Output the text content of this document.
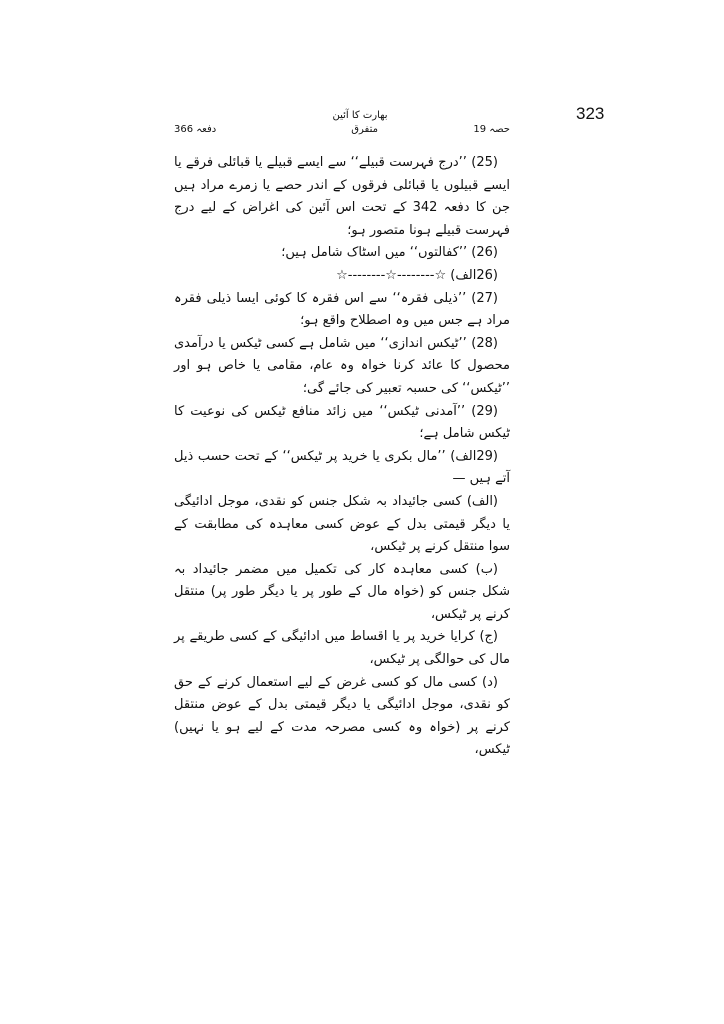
323
بھارت کا آئین
حصہ 19
متفرق
دفعہ 366

(25) ’’درج فہرست قبیلے‘‘ سے ایسے قبیلے یا قبائلی فرقے یا ایسے قبیلوں یا قبائلی فرقوں کے اندر حصے یا زمرے مراد ہیں جن کا دفعہ 342 کے تحت اس آئین کی اغراض کے لیے درج فہرست قبیلے ہونا متصور ہو؛

(26) ’’کفالتوں‘‘ میں اسٹاک شامل ہیں؛

(26الف) ☆--------☆--------☆

(27) ’’ذیلی فقرہ‘‘ سے اس فقرہ کا کوئی ایسا ذیلی فقرہ مراد ہے جس میں وہ اصطلاح واقع ہو؛

(28) ’’ٹیکس اندازی‘‘ میں شامل ہے کسی ٹیکس یا درآمدی محصول کا عائد کرنا خواہ وہ عام، مقامی یا خاص ہو اور ’’ٹیکس‘‘ کی حسبہ تعبیر کی جائے گی؛

(29) ’’آمدنی ٹیکس‘‘ میں زائد منافع ٹیکس کی نوعیت کا ٹیکس شامل ہے؛

(29الف) ’’مال بکری یا خرید پر ٹیکس‘‘ کے تحت حسب ذیل آتے ہیں —

(الف) کسی جائیداد بہ شکل جنس کو نقدی، موجل ادائیگی یا دیگر قیمتی بدل کے عوض کسی معاہدہ کی مطابقت کے سوا منتقل کرنے پر ٹیکس،

(ب) کسی معاہدہ کار کی تکمیل میں مضمر جائیداد بہ شکل جنس کو (خواہ مال کے طور پر یا دیگر طور پر) منتقل کرنے پر ٹیکس،

(ج) کرایا خرید پر یا اقساط میں ادائیگی کے کسی طریقے پر مال کی حوالگی پر ٹیکس،

(د) کسی مال کو کسی غرض کے لیے استعمال کرنے کے حق کو نقدی، موجل ادائیگی یا دیگر قیمتی بدل کے عوض منتقل کرنے پر (خواہ وہ کسی مصرحہ مدت کے لیے ہو یا نہیں) ٹیکس،
